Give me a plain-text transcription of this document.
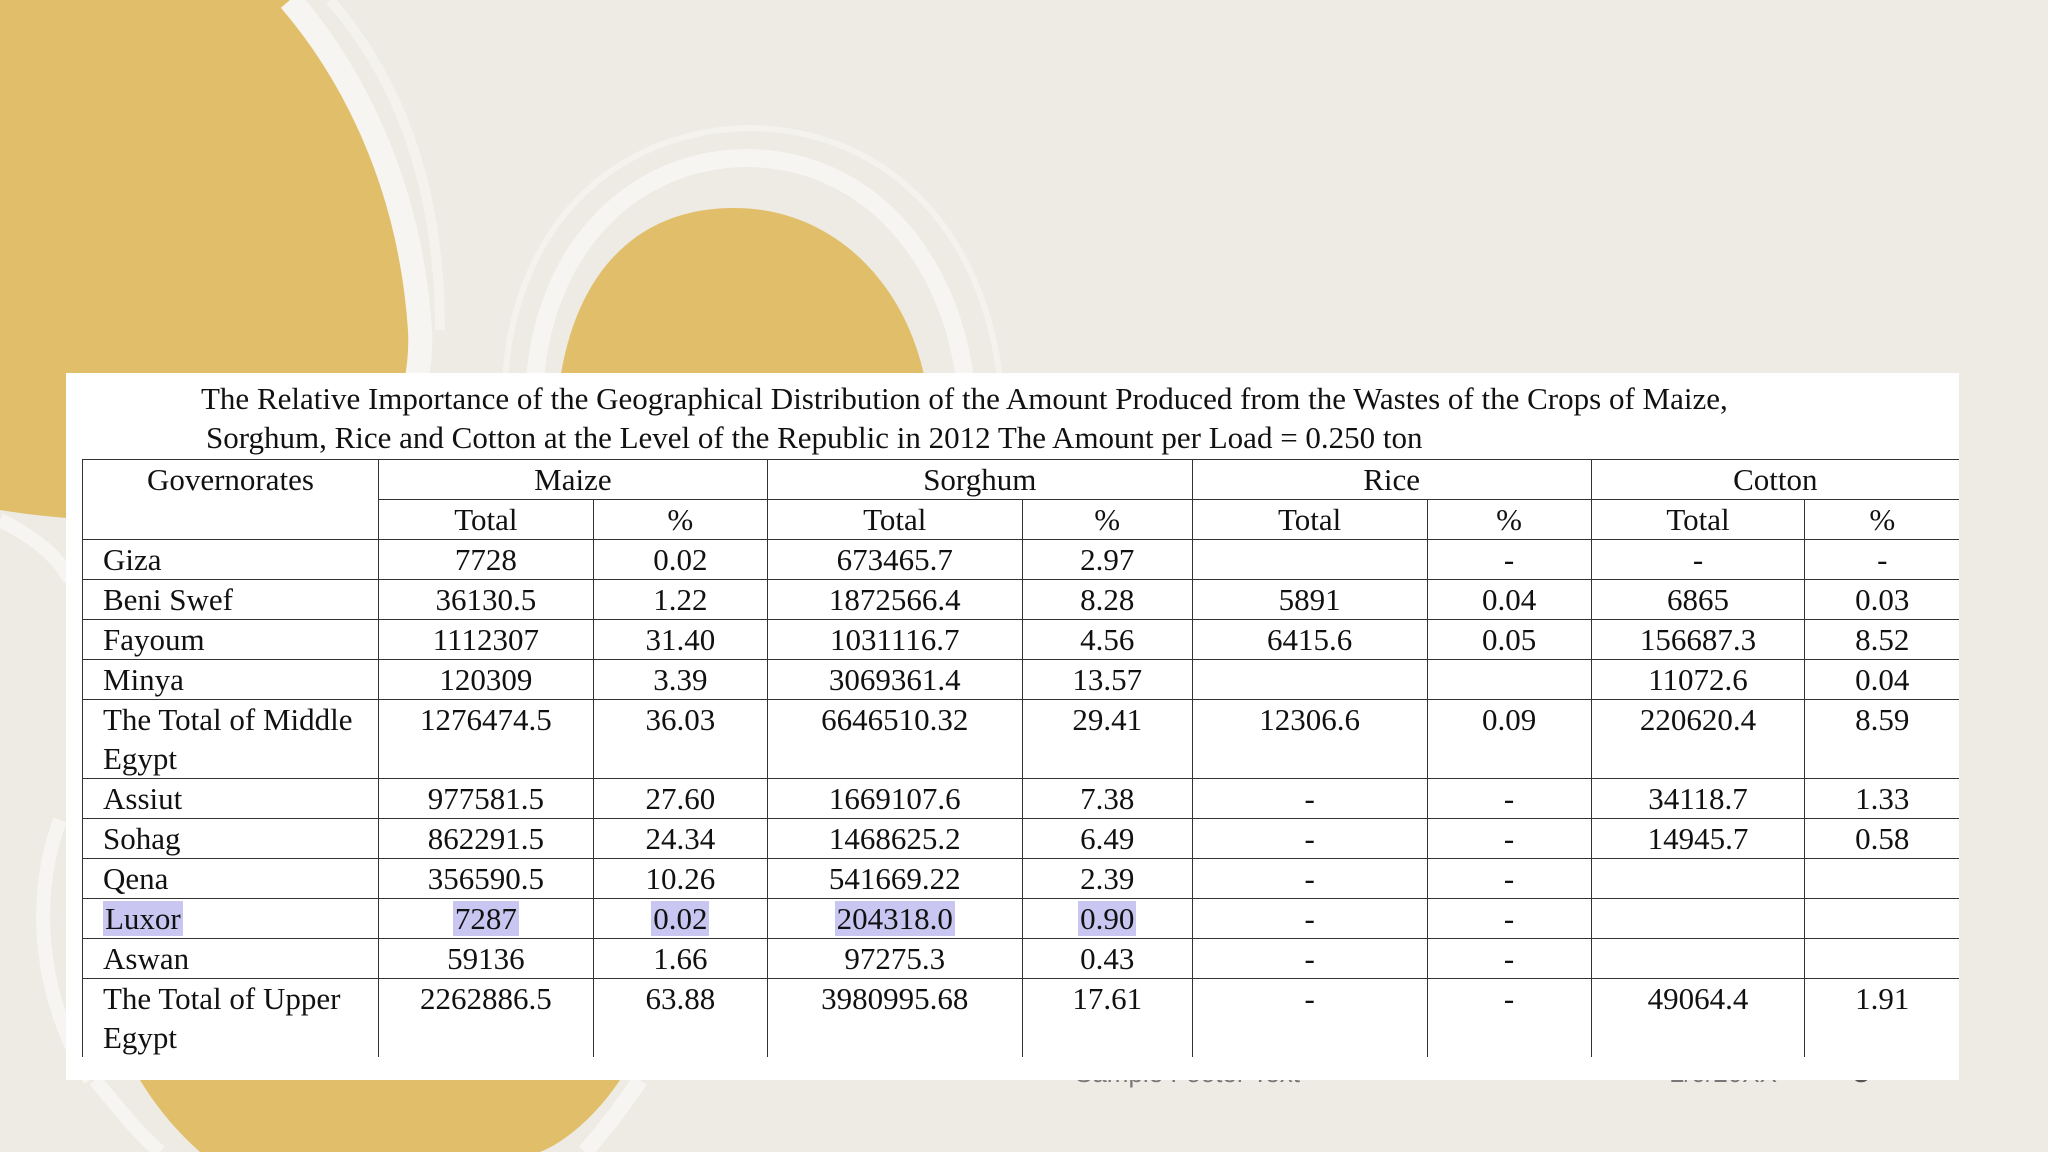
The Relative Importance of the Geographical Distribution of the Amount Produced from the Wastes of the Crops of Maize,
Sorghum, Rice and Cotton at the Level of the Republic in 2012 The Amount per Load = 0.250 ton
Governorates	Maize		Sorghum		Rice		Cotton	
	Total	%	Total	%	Total	%	Total	%
Giza	7728	0.02	673465.7	2.97		-	-	-
Beni Swef	36130.5	1.22	1872566.4	8.28	5891	0.04	6865	0.03
Fayoum	1112307	31.40	1031116.7	4.56	6415.6	0.05	156687.3	8.52
Minya	120309	3.39	3069361.4	13.57			11072.6	0.04
The Total of Middle Egypt	1276474.5	36.03	6646510.32	29.41	12306.6	0.09	220620.4	8.59
Assiut	977581.5	27.60	1669107.6	7.38	-	-	34118.7	1.33
Sohag	862291.5	24.34	1468625.2	6.49	-	-	14945.7	0.58
Qena	356590.5	10.26	541669.22	2.39	-	-		
Luxor	7287	0.02	204318.0	0.90	-	-		
Aswan	59136	1.66	97275.3	0.43	-	-		
The Total of Upper Egypt	2262886.5	63.88	3980995.68	17.61	-	-	49064.4	1.91
